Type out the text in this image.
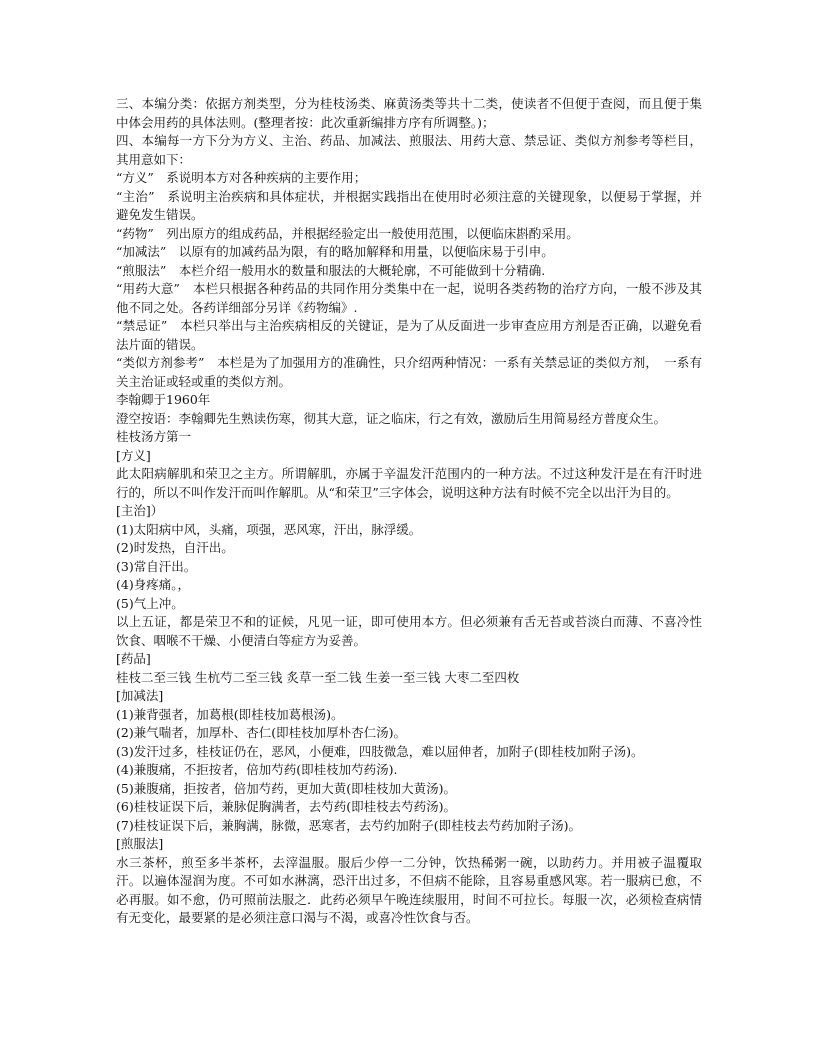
三、本编分类：依据方剂类型，分为桂枝汤类、麻黄汤类等共十二类，使读者不但便于查阅，而且便于集中体会用药的具体法则。(整理者按：此次重新编排方序有所调整。)；

四、本编每一方下分为方义、主治、药品、加减法、煎服法、用药大意、禁忌证、类似方剂参考等栏目，其用意如下：

“方义”　系说明本方对各种疾病的主要作用；

“主治”　系说明主治疾病和具体症状，并根据实践指出在使用时必须注意的关键现象，以便易于掌握，并避免发生错误。

“药物”　列出原方的组成药品，并根据经验定出一般使用范围，以便临床斟酌采用。

“加减法”　以原有的加减药品为限，有的略加解释和用量，以便临床易于引申。

“煎服法”　本栏介绍一般用水的数量和服法的大概轮廓，不可能做到十分精确.

“用药大意”　本栏只根据各种药品的共同作用分类集中在一起，说明各类药物的治疗方向，一般不涉及其他不同之处。各药详细部分另详《药物编》.

“禁忌证”　本栏只举出与主治疾病相反的关键证，是为了从反面进一步审查应用方剂是否正确，以避免看法片面的错误。

“类似方剂参考”　本栏是为了加强用方的准确性，只介绍两种情况：一系有关禁忌证的类似方剂，　一系有关主治证或轻或重的类似方剂。

李翰卿于1960年

澄空按语：李翰卿先生熟读伤寒，彻其大意，证之临床，行之有效，激励后生用简易经方普度众生。

桂枝汤方第一

[方义]

此太阳病解肌和荣卫之主方。所谓解肌，亦属于辛温发汗范围内的一种方法。不过这种发汗是在有汗时进行的，所以不叫作发汗而叫作解肌。从“和荣卫”三字体会，说明这种方法有时候不完全以出汗为目的。

[主治]）

(1)太阳病中风，头痛，项强，恶风寒，汗出，脉浮缓。

(2)时发热，自汗出。

(3)常自汗出。

(4)身疼痛。，

(5)气上冲。

以上五证，都是荣卫不和的证候，凡见一证，即可使用本方。但必须兼有舌无苔或苔淡白而薄、不喜冷性饮食、咽喉不干燥、小便清白等症方为妥善。

[药品]

桂枝二至三钱 生杭芍二至三钱 炙草一至二钱 生姜一至三钱 大枣二至四枚

[加减法]

(1)兼背强者，加葛根(即桂枝加葛根汤)。

(2)兼气喘者，加厚朴、杏仁(即桂枝加厚朴杏仁汤)。

(3)发汗过多，桂枝证仍在，恶风，小便难，四肢微急，难以屈伸者，加附子(即桂枝加附子汤)。

(4)兼腹痛，不拒按者，倍加芍药(即桂枝加芍药汤).

(5)兼腹痛，拒按者，倍加芍药，更加大黄(即桂枝加大黄汤)。

(6)桂枝证误下后，兼脉促胸满者，去芍药(即桂枝去芍药汤)。

(7)桂枝证误下后，兼胸满，脉微，恶寒者，去芍约加附子(即桂枝去芍药加附子汤)。

[煎服法]

水三茶杯，煎至多半茶杯，去滓温服。服后少停一二分钟，饮热稀粥一碗，以助药力。并用被子温覆取汗。以遍体湿润为度。不可如水淋漓，恐汗出过多，不但病不能除，且容易重感风寒。若一服病已愈，不必再服。如不愈，仍可照前法服之．此药必须早午晚连续服用，时间不可拉长。每服一次，必须检查病情有无变化，最要紧的是必须注意口渴与不渴，或喜冷性饮食与否。
